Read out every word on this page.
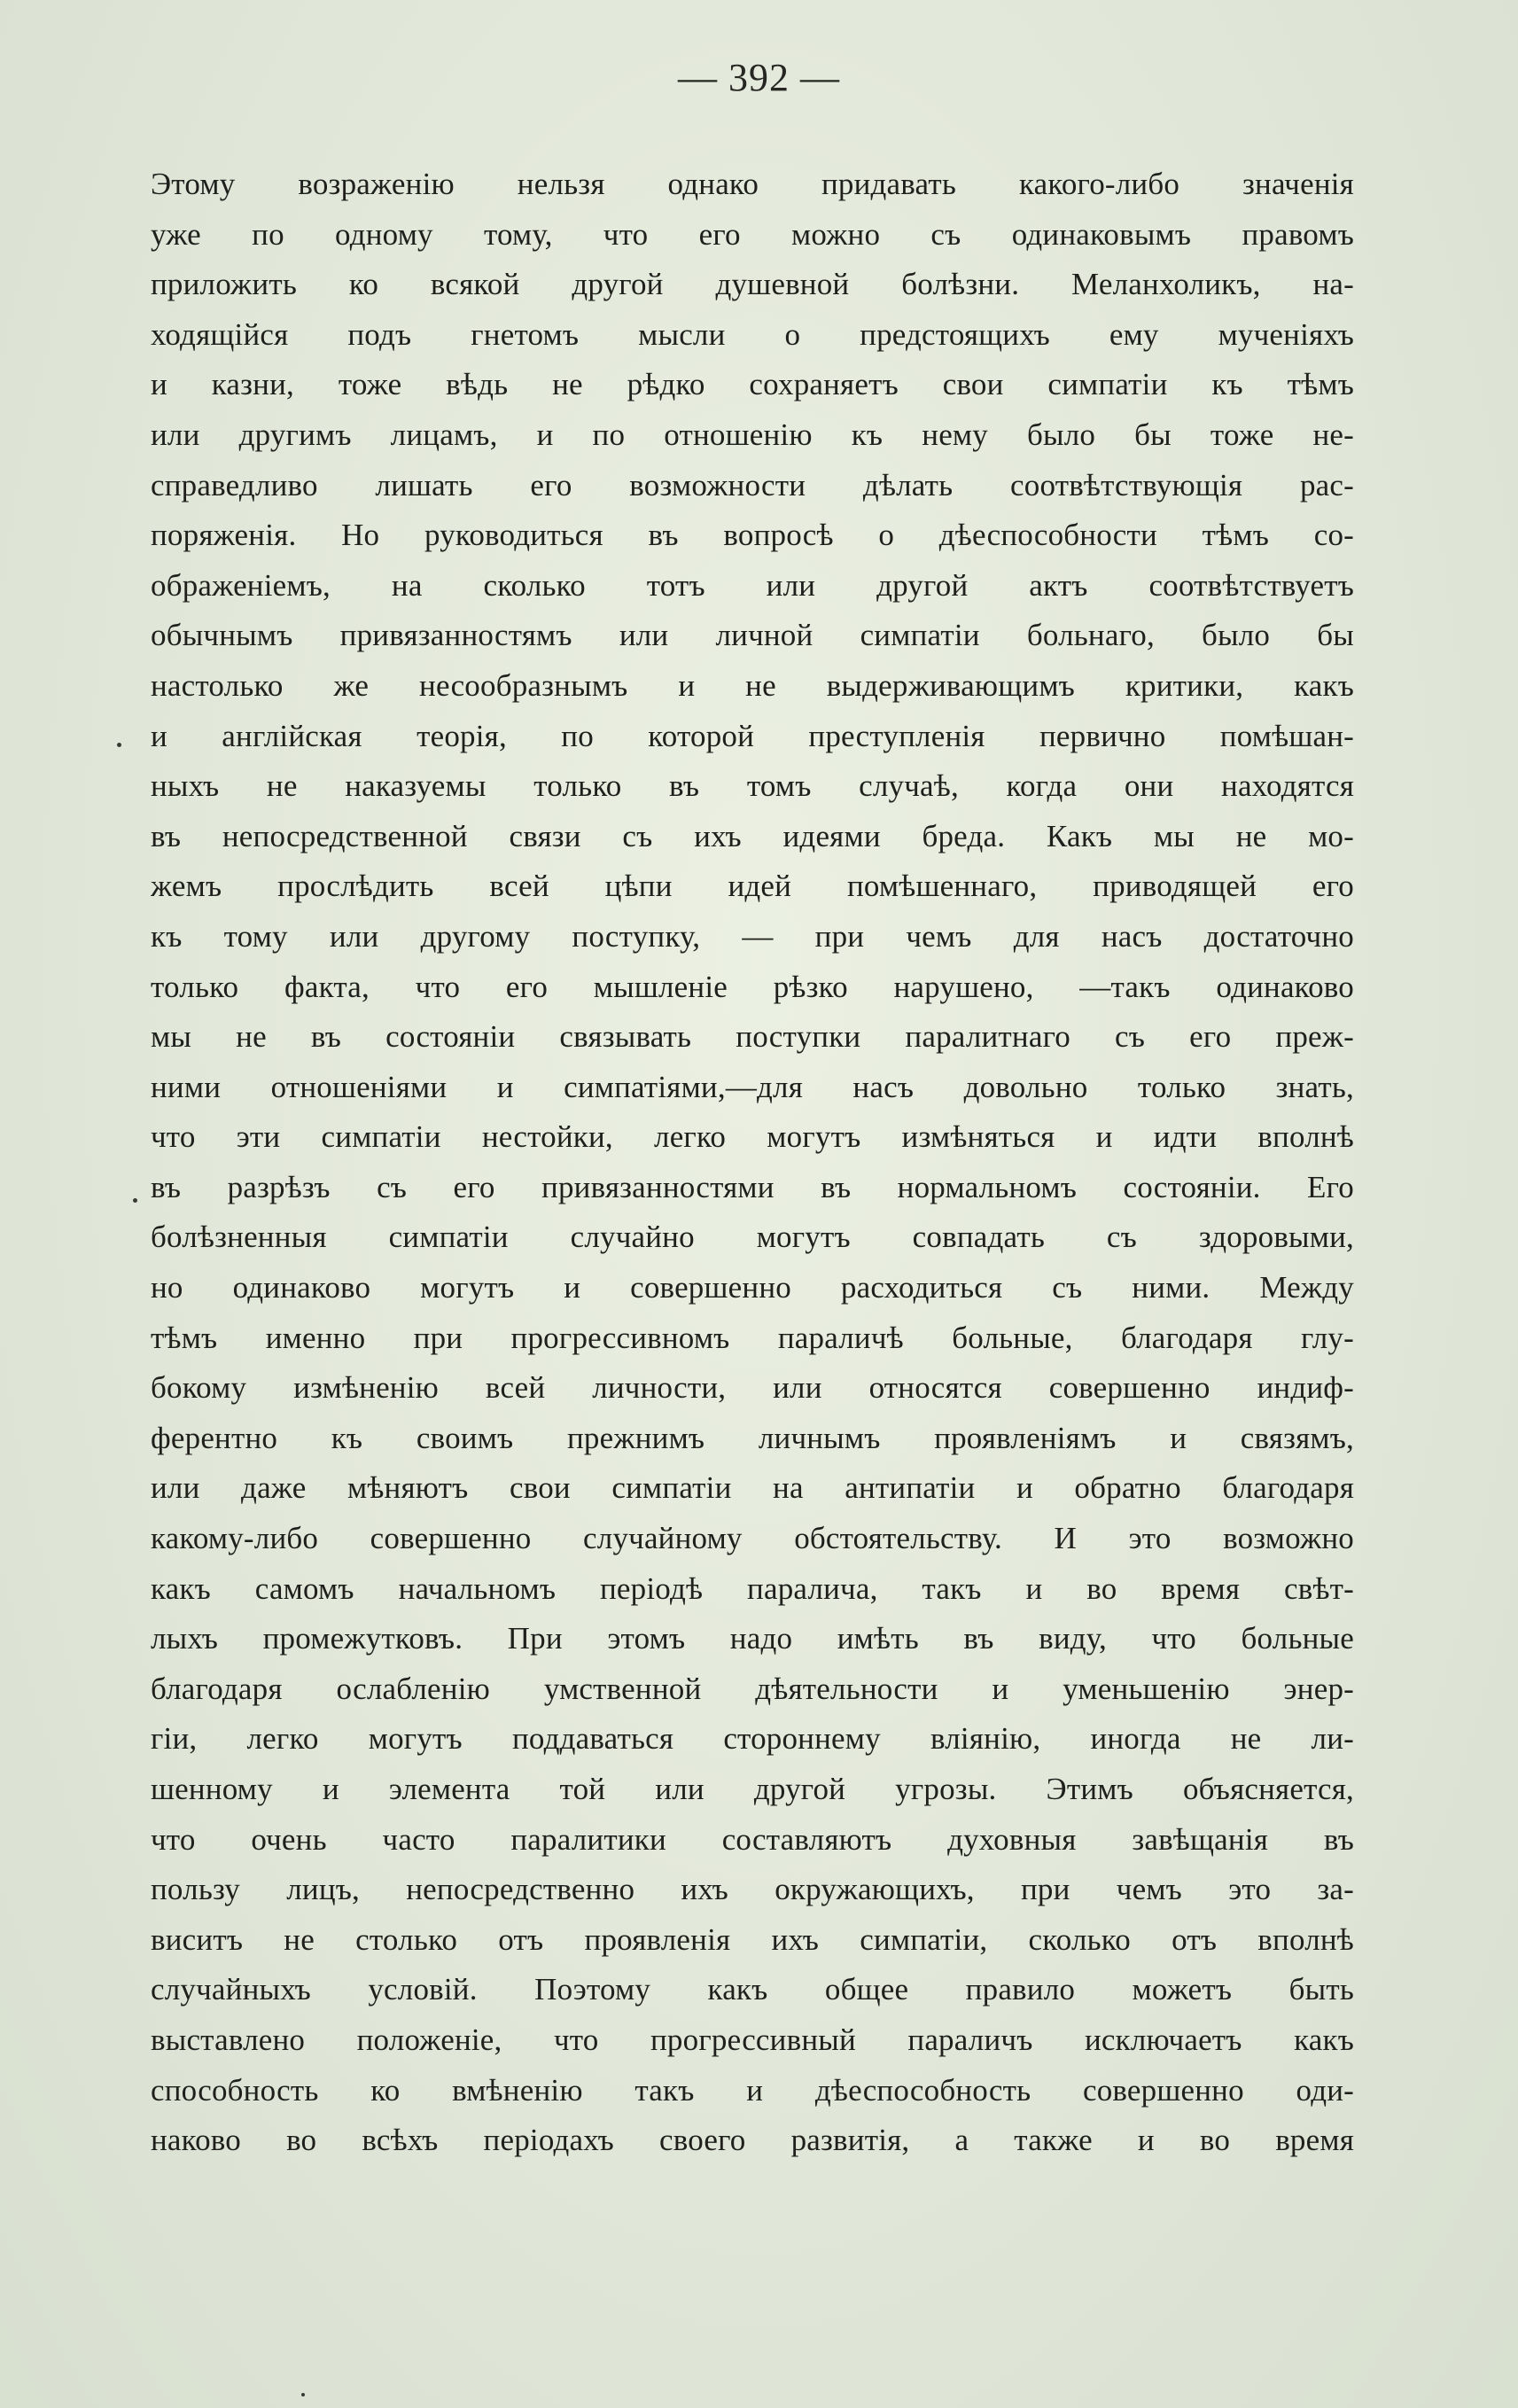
— 392 —
Этому возраженію нельзя однако придавать какого-либо значенія
уже по одному тому, что его можно съ одинаковымъ правомъ
приложить ко всякой другой душевной болѣзни. Меланхоликъ, на-
ходящійся подъ гнетомъ мысли о предстоящихъ ему мученіяхъ
и казни, тоже вѣдь не рѣдко сохраняетъ свои симпатіи къ тѣмъ
или другимъ лицамъ, и по отношенію къ нему было бы тоже не-
справедливо лишать его возможности дѣлать соотвѣтствующія рас-
поряженія. Но руководиться въ вопросѣ о дѣеспособности тѣмъ со-
ображеніемъ, на сколько тотъ или другой актъ соотвѣтствуетъ
обычнымъ привязанностямъ или личной симпатіи больнаго, было бы
настолько же несообразнымъ и не выдерживающимъ критики, какъ
и англійская теорія, по которой преступленія первично помѣшан-
ныхъ не наказуемы только въ томъ случаѣ, когда они находятся
въ непосредственной связи съ ихъ идеями бреда. Какъ мы не мо-
жемъ прослѣдить всей цѣпи идей помѣшеннаго, приводящей его
къ тому или другому поступку, — при чемъ для насъ достаточно
только факта, что его мышленіе рѣзко нарушено, —такъ одинаково
мы не въ состояніи связывать поступки паралитнаго съ его преж-
ними отношеніями и симпатіями,—для насъ довольно только знать,
что эти симпатіи нестойки, легко могутъ измѣняться и идти вполнѣ
въ разрѣзъ съ его привязанностями въ нормальномъ состояніи. Его
болѣзненныя симпатіи случайно могутъ совпадать съ здоровыми,
но одинаково могутъ и совершенно расходиться съ ними. Между
тѣмъ именно при прогрессивномъ параличѣ больные, благодаря глу-
бокому измѣненію всей личности, или относятся совершенно индиф-
ферентно къ своимъ прежнимъ личнымъ проявленіямъ и связямъ,
или даже мѣняютъ свои симпатіи на антипатіи и обратно благодаря
какому-либо совершенно случайному обстоятельству. И это возможно
какъ самомъ начальномъ періодѣ паралича, такъ и во время свѣт-
лыхъ промежутковъ. При этомъ надо имѣть въ виду, что больные
благодаря ослабленію умственной дѣятельности и уменьшенію энер-
гіи, легко могутъ поддаваться стороннему вліянію, иногда не ли-
шенному и элемента той или другой угрозы. Этимъ объясняется,
что очень часто паралитики составляютъ духовныя завѣщанія въ
пользу лицъ, непосредственно ихъ окружающихъ, при чемъ это за-
виситъ не столько отъ проявленія ихъ симпатіи, сколько отъ вполнѣ
случайныхъ условій. Поэтому какъ общее правило можетъ быть
выставлено положеніе, что прогрессивный параличъ исключаетъ какъ
способность ко вмѣненію такъ и дѣеспособность совершенно оди-
наково во всѣхъ періодахъ своего развитія, а также и во время
